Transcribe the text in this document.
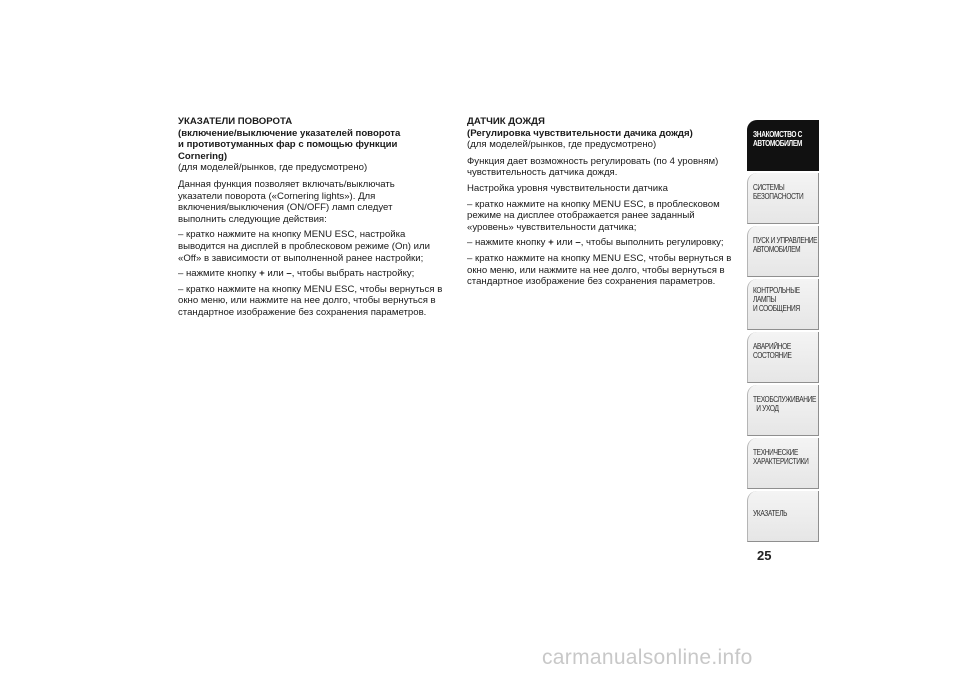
УКАЗАТЕЛИ ПОВОРОТА

(включение/выключение указателей поворота

и противотуманных фар с помощью функции

Cornering)

(для моделей/рынков, где предусмотрено)

Данная функция позволяет включать/выключать
указатели поворота («Cornering lights»). Для
включения/выключения (ON/OFF) ламп следует
выполнить следующие действия:
– кратко нажмите на кнопку MENU ESC, настройка
выводится на дисплей в проблесковом режиме (On) или
«Off» в зависимости от выполненной ранее настройки;
– нажмите кнопку + или –, чтобы выбрать настройку;
– кратко нажмите на кнопку MENU ESC, чтобы вернуться в
окно меню, или нажмите на нее долго, чтобы вернуться в
стандартное изображение без сохранения параметров.

ДАТЧИК ДОЖДЯ

(Регулировка чувствительности дачика дождя)

(для моделей/рынков, где предусмотрено)

Функция дает возможность регулировать (по 4 уровням)
чувствительность датчика дождя.
Настройка уровня чувствительности датчика
– кратко нажмите на кнопку MENU ESC, в проблесковом
режиме на дисплее отображается ранее заданный
«уровень» чувствительности датчика;
– нажмите кнопку + или –, чтобы выполнить регулировку;
– кратко нажмите на кнопку MENU ESC, чтобы вернуться в
окно меню, или нажмите на нее долго, чтобы вернуться в
стандартное изображение без сохранения параметров.
ЗНАКОМСТВО С
АВТОМОБИЛЕМ
СИСТЕМЫ
БЕЗОПАСНОСТИ
ПУСК И УПРАВЛЕНИЕ
АВТОМОБИЛЕМ
КОНТРОЛЬНЫЕ
ЛАМПЫ
И СООБЩЕНИЯ
АВАРИЙНОЕ
СОСТОЯНИЕ
ТЕХОБСЛУЖИВАНИЕ
И УХОД
ТЕХНИЧЕСКИЕ
ХАРАКТЕРИСТИКИ
УКАЗАТЕЛЬ
25
carmanualsonline.info
